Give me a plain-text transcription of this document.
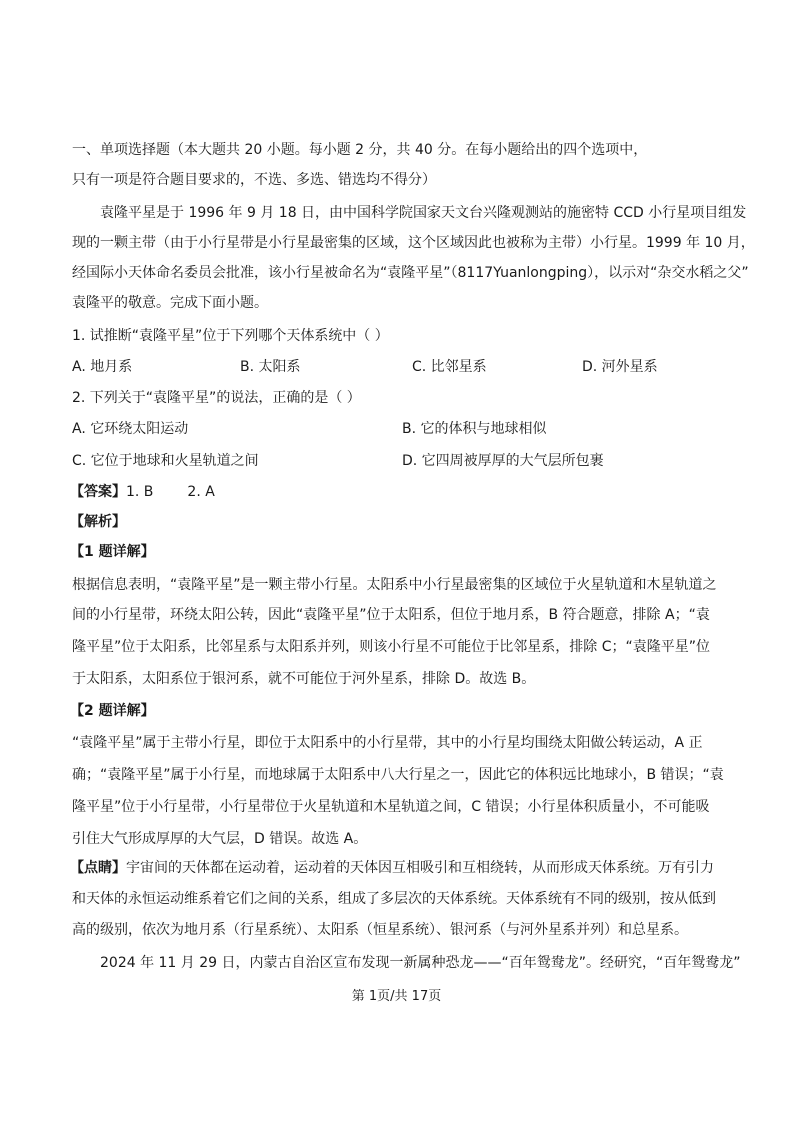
一、单项选择题（本大题共 20 小题。每小题 2 分，共 40 分。在每小题给出的四个选项中，
只有一项是符合题目要求的，不选、多选、错选均不得分）
袁隆平星是于 1996 年 9 月 18 日，由中国科学院国家天文台兴隆观测站的施密特 CCD 小行星项目组发
现的一颗主带（由于小行星带是小行星最密集的区域，这个区域因此也被称为主带）小行星。1999 年 10 月，
经国际小天体命名委员会批准，该小行星被命名为“袁隆平星”（8117Yuanlongping），以示对“杂交水稻之父”
袁隆平的敬意。完成下面小题。
1. 试推断“袁隆平星”位于下列哪个天体系统中（ ）
A. 地月系	B. 太阳系	C. 比邻星系	D. 河外星系
2. 下列关于“袁隆平星”的说法，正确的是（ ）
A. 它环绕太阳运动	B. 它的体积与地球相似
C. 它位于地球和火星轨道之间	D. 它四周被厚厚的大气层所包裹
【答案】1. B 2. A
【解析】
【1 题详解】
根据信息表明，“袁隆平星”是一颗主带小行星。太阳系中小行星最密集的区域位于火星轨道和木星轨道之
间的小行星带，环绕太阳公转，因此“袁隆平星”位于太阳系，但位于地月系，B 符合题意，排除 A；“袁
隆平星”位于太阳系，比邻星系与太阳系并列，则该小行星不可能位于比邻星系，排除 C；“袁隆平星”位
于太阳系，太阳系位于银河系，就不可能位于河外星系，排除 D。故选 B。
【2 题详解】
“袁隆平星”属于主带小行星，即位于太阳系中的小行星带，其中的小行星均围绕太阳做公转运动，A 正
确；“袁隆平星”属于小行星，而地球属于太阳系中八大行星之一，因此它的体积远比地球小，B 错误；“袁
隆平星”位于小行星带，小行星带位于火星轨道和木星轨道之间，C 错误；小行星体积质量小，不可能吸
引住大气形成厚厚的大气层，D 错误。故选 A。
【点睛】宇宙间的天体都在运动着，运动着的天体因互相吸引和互相绕转，从而形成天体系统。万有引力
和天体的永恒运动维系着它们之间的关系，组成了多层次的天体系统。天体系统有不同的级别，按从低到
高的级别，依次为地月系（行星系统）、太阳系（恒星系统）、银河系（与河外星系并列）和总星系。
2024 年 11 月 29 日，内蒙古自治区宣布发现一新属种恐龙——“百年鸳鸯龙”。经研究，“百年鸳鸯龙”
第 1页/共 17页
